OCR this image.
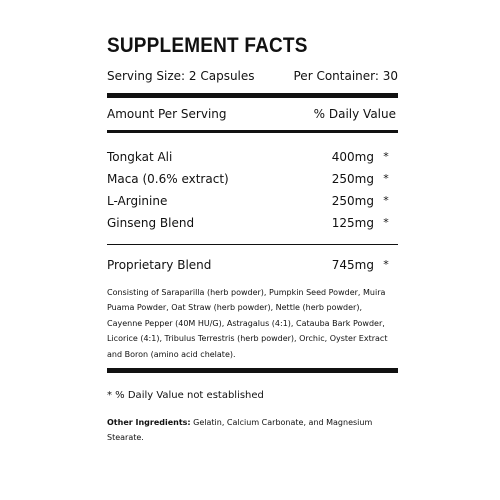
SUPPLEMENT FACTS
Serving Size: 2 Capsules	Per Container: 30
Amount Per Serving	% Daily Value
Tongkat Ali	400mg *
Maca (0.6% extract)	250mg *
L-Arginine	250mg *
Ginseng Blend	125mg *
Proprietary Blend	745mg *
Consisting of Saraparilla (herb powder), Pumpkin Seed Powder, Muira Puama Powder, Oat Straw (herb powder), Nettle (herb powder), Cayenne Pepper (40M HU/G), Astragalus (4:1), Catauba Bark Powder, Licorice (4:1), Tribulus Terrestris (herb powder), Orchic, Oyster Extract and Boron (amino acid chelate).
* % Daily Value not established
Other Ingredients: Gelatin, Calcium Carbonate, and Magnesium Stearate.
